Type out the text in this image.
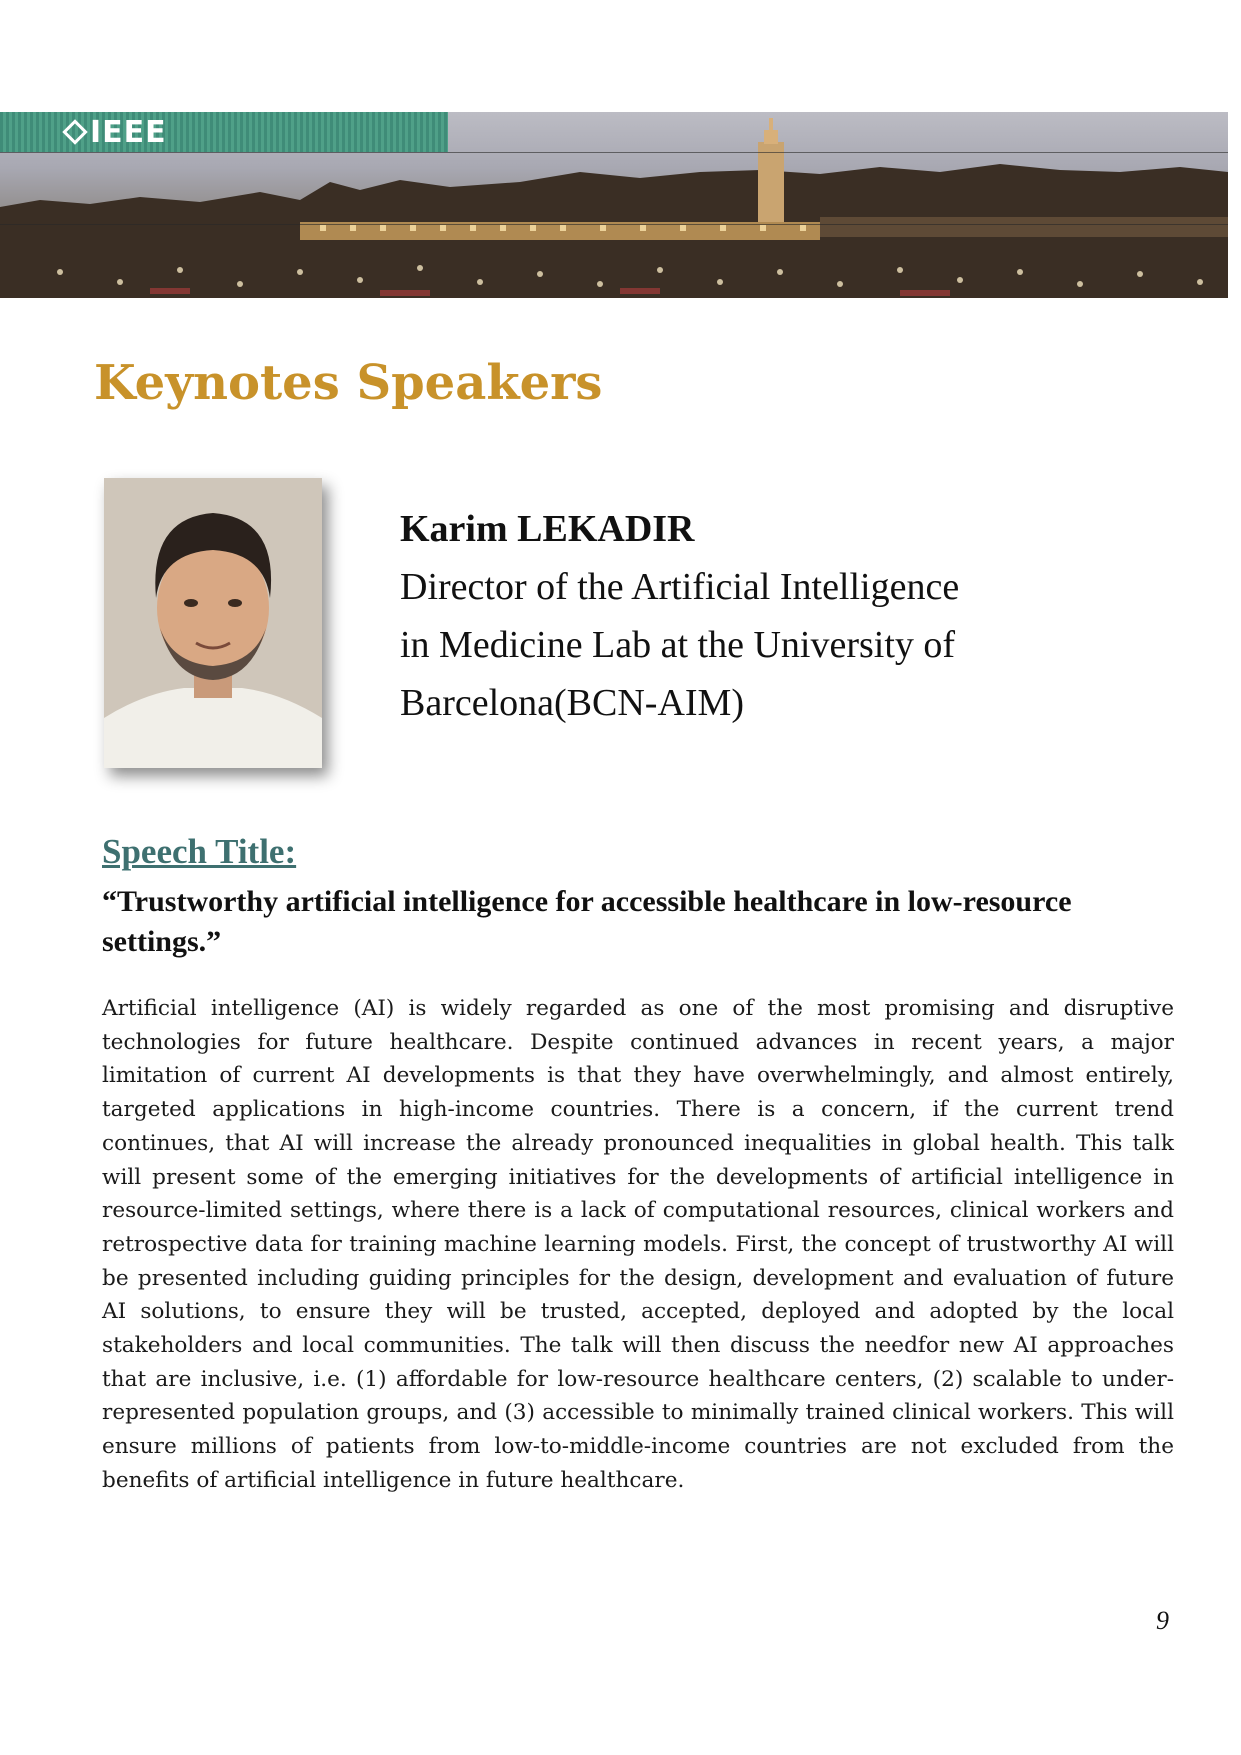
IEEE
Keynotes Speakers

Karim LEKADIR

Director of the Artificial Intelligence

in Medicine Lab at the University of

Barcelona(BCN-AIM)

Speech Title:

“Trustworthy artificial intelligence for accessible healthcare in low-resource settings.”

Artificial intelligence (AI) is widely regarded as one of the most promising and disruptive technologies for future healthcare. Despite continued advances in recent years, a major limitation of current AI developments is that they have overwhelmingly, and almost entirely, targeted applications in high-income countries. There is a concern, if the current trend continues, that AI will increase the already pronounced inequalities in global health. This talk will present some of the emerging initiatives for the developments of artificial intelligence in resource-limited settings, where there is a lack of computational resources, clinical workers and retrospective data for training machine learning models. First, the concept of trustworthy AI will be presented including guiding principles for the design, development and evaluation of future AI solutions, to ensure they will be trusted, accepted, deployed and adopted by the local stakeholders and local communities. The talk will then discuss the needfor new AI approaches that are inclusive, i.e. (1) affordable for low-resource healthcare centers, (2) scalable to under-represented population groups, and (3) accessible to minimally trained clinical workers. This will ensure millions of patients from low-to-middle-income countries are not excluded from the benefits of artificial intelligence in future healthcare.

9
